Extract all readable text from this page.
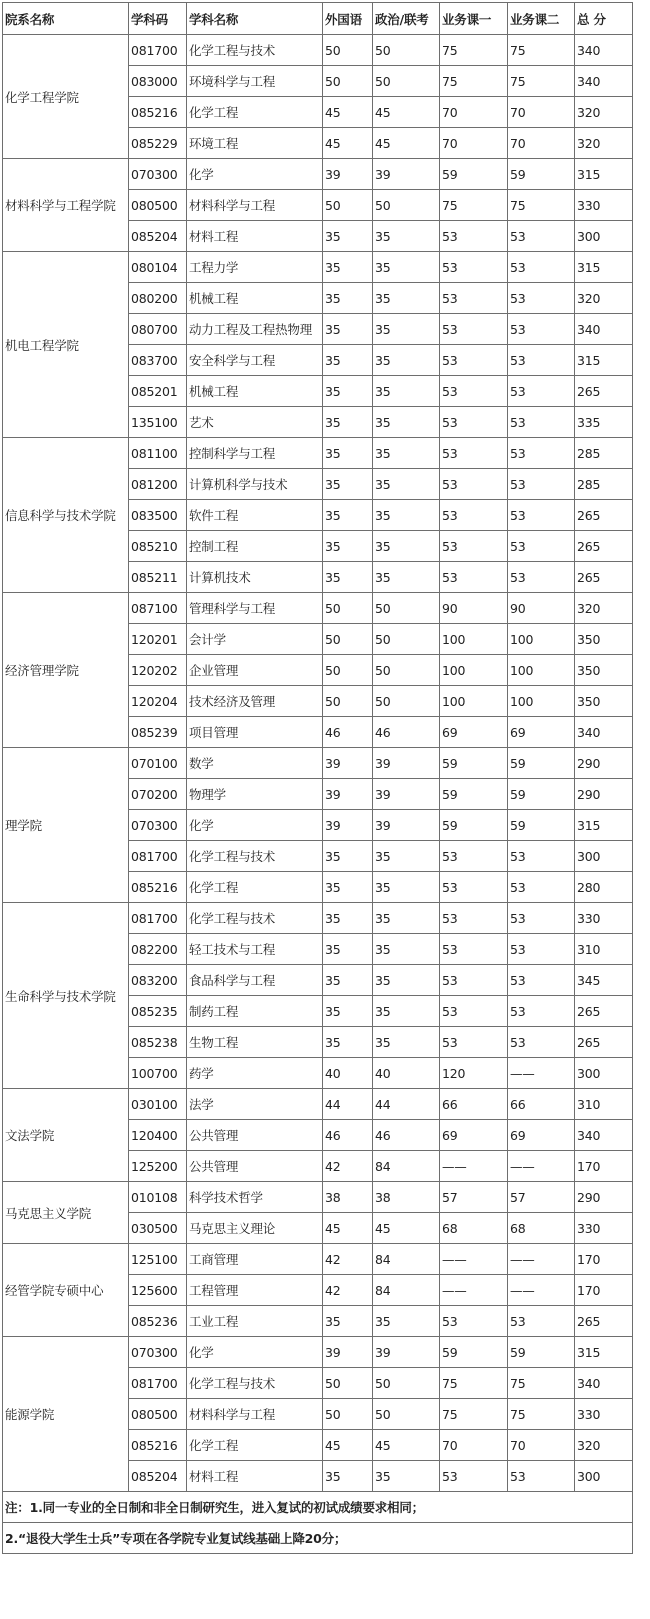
院系名称	学科码	学科名称	外国语	政治/联考	业务课一	业务课二	总 分
化学工程学院	081700	化学工程与技术	50	50	75	75	340
	083000	环境科学与工程	50	50	75	75	340
	085216	化学工程	45	45	70	70	320
	085229	环境工程	45	45	70	70	320
材料科学与工程学院	070300	化学	39	39	59	59	315
	080500	材料科学与工程	50	50	75	75	330
	085204	材料工程	35	35	53	53	300
机电工程学院	080104	工程力学	35	35	53	53	315
	080200	机械工程	35	35	53	53	320
	080700	动力工程及工程热物理	35	35	53	53	340
	083700	安全科学与工程	35	35	53	53	315
	085201	机械工程	35	35	53	53	265
	135100	艺术	35	35	53	53	335
信息科学与技术学院	081100	控制科学与工程	35	35	53	53	285
	081200	计算机科学与技术	35	35	53	53	285
	083500	软件工程	35	35	53	53	265
	085210	控制工程	35	35	53	53	265
	085211	计算机技术	35	35	53	53	265
经济管理学院	087100	管理科学与工程	50	50	90	90	320
	120201	会计学	50	50	100	100	350
	120202	企业管理	50	50	100	100	350
	120204	技术经济及管理	50	50	100	100	350
	085239	项目管理	46	46	69	69	340
理学院	070100	数学	39	39	59	59	290
	070200	物理学	39	39	59	59	290
	070300	化学	39	39	59	59	315
	081700	化学工程与技术	35	35	53	53	300
	085216	化学工程	35	35	53	53	280
生命科学与技术学院	081700	化学工程与技术	35	35	53	53	330
	082200	轻工技术与工程	35	35	53	53	310
	083200	食品科学与工程	35	35	53	53	345
	085235	制药工程	35	35	53	53	265
	085238	生物工程	35	35	53	53	265
	100700	药学	40	40	120	——	300
文法学院	030100	法学	44	44	66	66	310
	120400	公共管理	46	46	69	69	340
	125200	公共管理	42	84	——	——	170
马克思主义学院	010108	科学技术哲学	38	38	57	57	290
	030500	马克思主义理论	45	45	68	68	330
经管学院专硕中心	125100	工商管理	42	84	——	——	170
	125600	工程管理	42	84	——	——	170
	085236	工业工程	35	35	53	53	265
能源学院	070300	化学	39	39	59	59	315
	081700	化学工程与技术	50	50	75	75	340
	080500	材料科学与工程	50	50	75	75	330
	085216	化学工程	45	45	70	70	320
	085204	材料工程	35	35	53	53	300
注：1.同一专业的全日制和非全日制研究生，进入复试的初试成绩要求相同；							
2.“退役大学生士兵”专项在各学院专业复试线基础上降20分；							
